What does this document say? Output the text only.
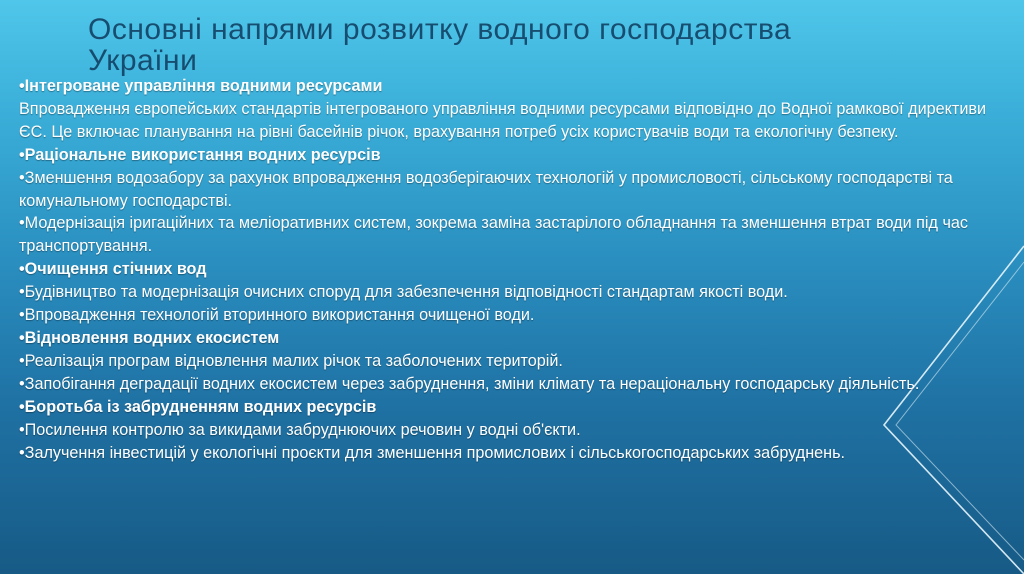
Основні напрями розвитку водного господарства України

•Інтегроване управління водними ресурсами

Впровадження європейських стандартів інтегрованого управління водними ресурсами відповідно до Водної рамкової директиви ЄС. Це включає планування на рівні басейнів річок, врахування потреб усіх користувачів води та екологічну безпеку.

•Раціональне використання водних ресурсів

•Зменшення водозабору за рахунок впровадження водозберігаючих технологій у промисловості, сільському господарстві та комунальному господарстві.

•Модернізація іригаційних та меліоративних систем, зокрема заміна застарілого обладнання та зменшення втрат води під час транспортування.

•Очищення стічних вод

•Будівництво та модернізація очисних споруд для забезпечення відповідності стандартам якості води.

•Впровадження технологій вторинного використання очищеної води.

•Відновлення водних екосистем

•Реалізація програм відновлення малих річок та заболочених територій.

•Запобігання деградації водних екосистем через забруднення, зміни клімату та нераціональну господарську діяльність.

•Боротьба із забрудненням водних ресурсів

•Посилення контролю за викидами забруднюючих речовин у водні об'єкти.

•Залучення інвестицій у екологічні проєкти для зменшення промислових і сільськогосподарських забруднень.
